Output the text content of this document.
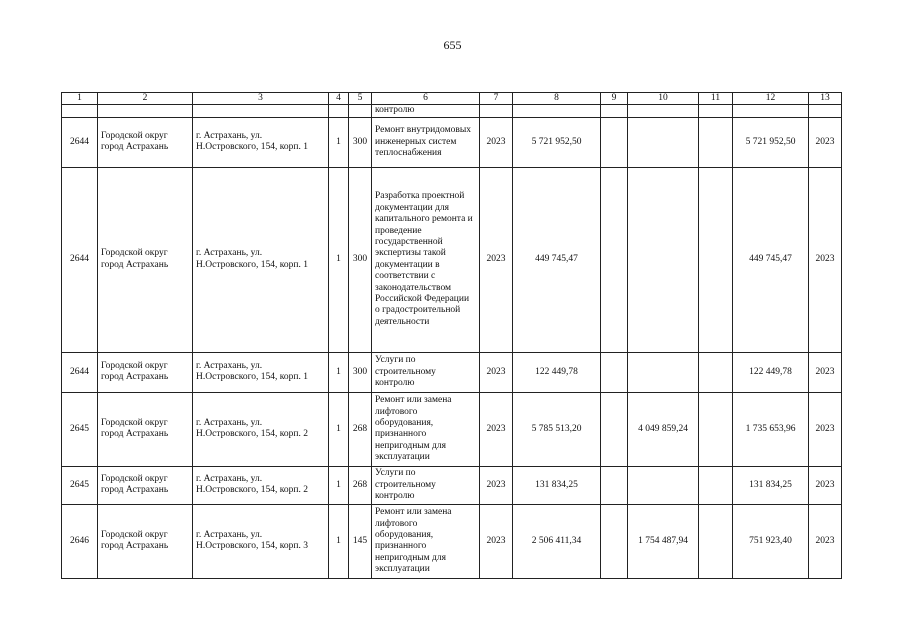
655
1	2	3	4	5	6	7	8	9	10	11	12	13
					контролю							
2644	Городской округ город Астрахань	г. Астрахань, ул. Н.Островского, 154, корп. 1	1	300	Ремонт внутридомовых инженерных систем теплоснабжения	2023	5 721 952,50				5 721 952,50	2023
2644	Городской округ город Астрахань	г. Астрахань, ул. Н.Островского, 154, корп. 1	1	300	Разработка проектной документации для капитального ремонта и проведение государственной экспертизы такой документации в соответствии с законодательством Российской Федерации о градостроительной деятельности	2023	449 745,47				449 745,47	2023
2644	Городской округ город Астрахань	г. Астрахань, ул. Н.Островского, 154, корп. 1	1	300	Услуги по строительному контролю	2023	122 449,78				122 449,78	2023
2645	Городской округ город Астрахань	г. Астрахань, ул. Н.Островского, 154, корп. 2	1	268	Ремонт или замена лифтового оборудования, признанного непригодным для эксплуатации	2023	5 785 513,20		4 049 859,24		1 735 653,96	2023
2645	Городской округ город Астрахань	г. Астрахань, ул. Н.Островского, 154, корп. 2	1	268	Услуги по строительному контролю	2023	131 834,25				131 834,25	2023
2646	Городской округ город Астрахань	г. Астрахань, ул. Н.Островского, 154, корп. 3	1	145	Ремонт или замена лифтового оборудования, признанного непригодным для эксплуатации	2023	2 506 411,34		1 754 487,94		751 923,40	2023
